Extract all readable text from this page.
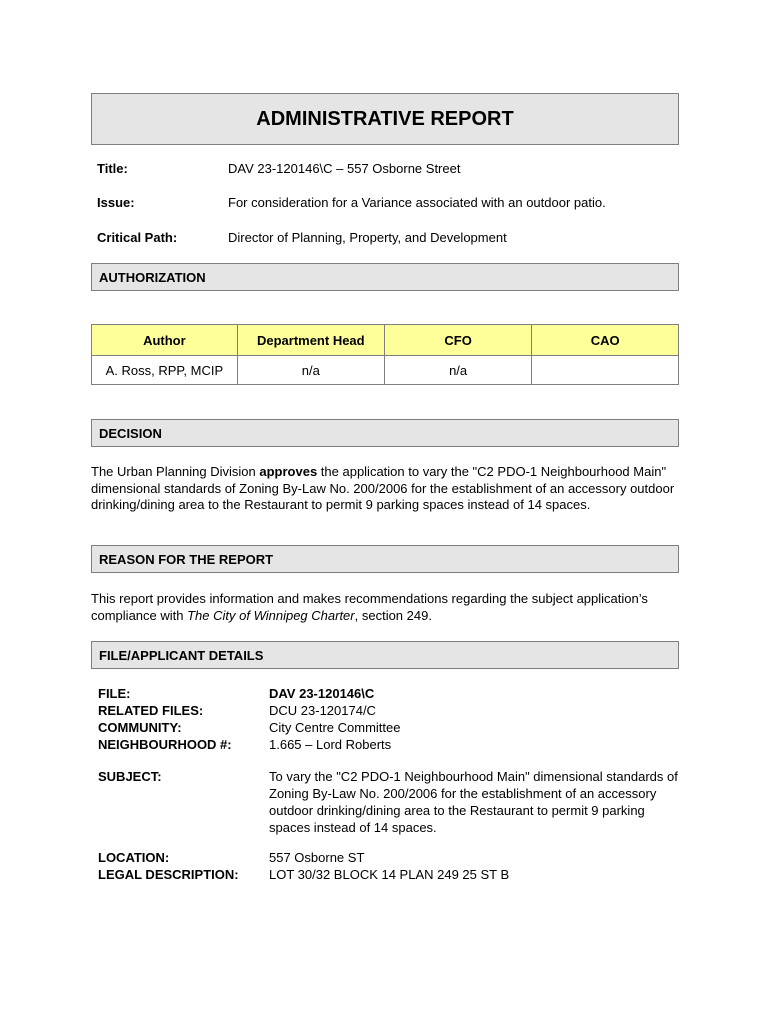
ADMINISTRATIVE REPORT
Title:	DAV 23-120146\C – 557 Osborne Street
Issue:	For consideration for a Variance associated with an outdoor patio.
Critical Path:	Director of Planning, Property, and Development
AUTHORIZATION
Author	Department Head	CFO	CAO
A. Ross, RPP, MCIP	n/a	n/a	
DECISION
The Urban Planning Division approves the application to vary the "C2 PDO-1 Neighbourhood Main" dimensional standards of Zoning By-Law No. 200/2006 for the establishment of an accessory outdoor drinking/dining area to the Restaurant to permit 9 parking spaces instead of 14 spaces.
REASON FOR THE REPORT
This report provides information and makes recommendations regarding the subject application’s compliance with The City of Winnipeg Charter, section 249.
FILE/APPLICANT DETAILS
FILE:	DAV 23-120146\C
RELATED FILES:	DCU 23-120174/C
COMMUNITY:	City Centre Committee
NEIGHBOURHOOD #:	1.665 – Lord Roberts
SUBJECT:	To vary the "C2 PDO-1 Neighbourhood Main" dimensional standards of Zoning By-Law No. 200/2006 for the establishment of an accessory outdoor drinking/dining area to the Restaurant to permit 9 parking spaces instead of 14 spaces.
LOCATION:	557 Osborne ST
LEGAL DESCRIPTION: LOT 30/32 BLOCK 14 PLAN 249 25 ST B
